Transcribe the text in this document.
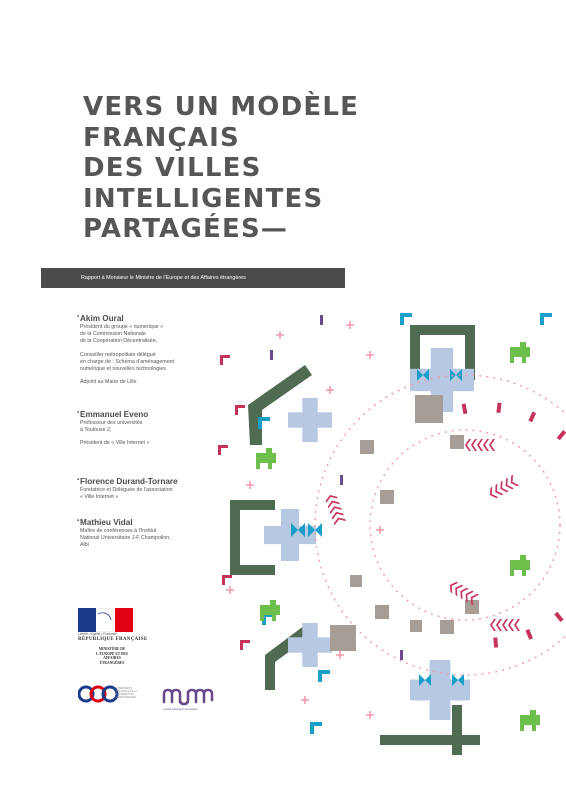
VERS UN MODÈLE
FRANÇAIS
DES VILLES
INTELLIGENTES
PARTAGÉES—
Rapport à Monsieur le Ministre de l'Europe et des Affaires étrangères
▪ Akim Oural
Président du groupe « numérique »
de la Commission Nationale
de la Coopération Décentralisée,
Conseiller métropolitain délégué
en charge de : Schéma d'aménagement
numérique et nouvelles technologies
Adjoint au Maire de Lille
▪ Emmanuel Eveno
Professeur des universités
à Toulouse 2,
Président de « Ville Internet »
▪ Florence Durand-Tornare
Fondatrice et Déléguée de l'association
« Ville Internet »
▪ Mathieu Vidal
Maître de conférences à l'Institut
National Universitaire J-F Champolion,
Albi
Liberté • Égalité • Fraternité
RÉPUBLIQUE FRANÇAISE
MINISTÈRE DE L'EUROPE ET DES AFFAIRES ÉTRANGÈRES
COMMISSION NATIONALE DE LA COOPÉRATION DÉCENTRALISÉE
conseil national du numérique
